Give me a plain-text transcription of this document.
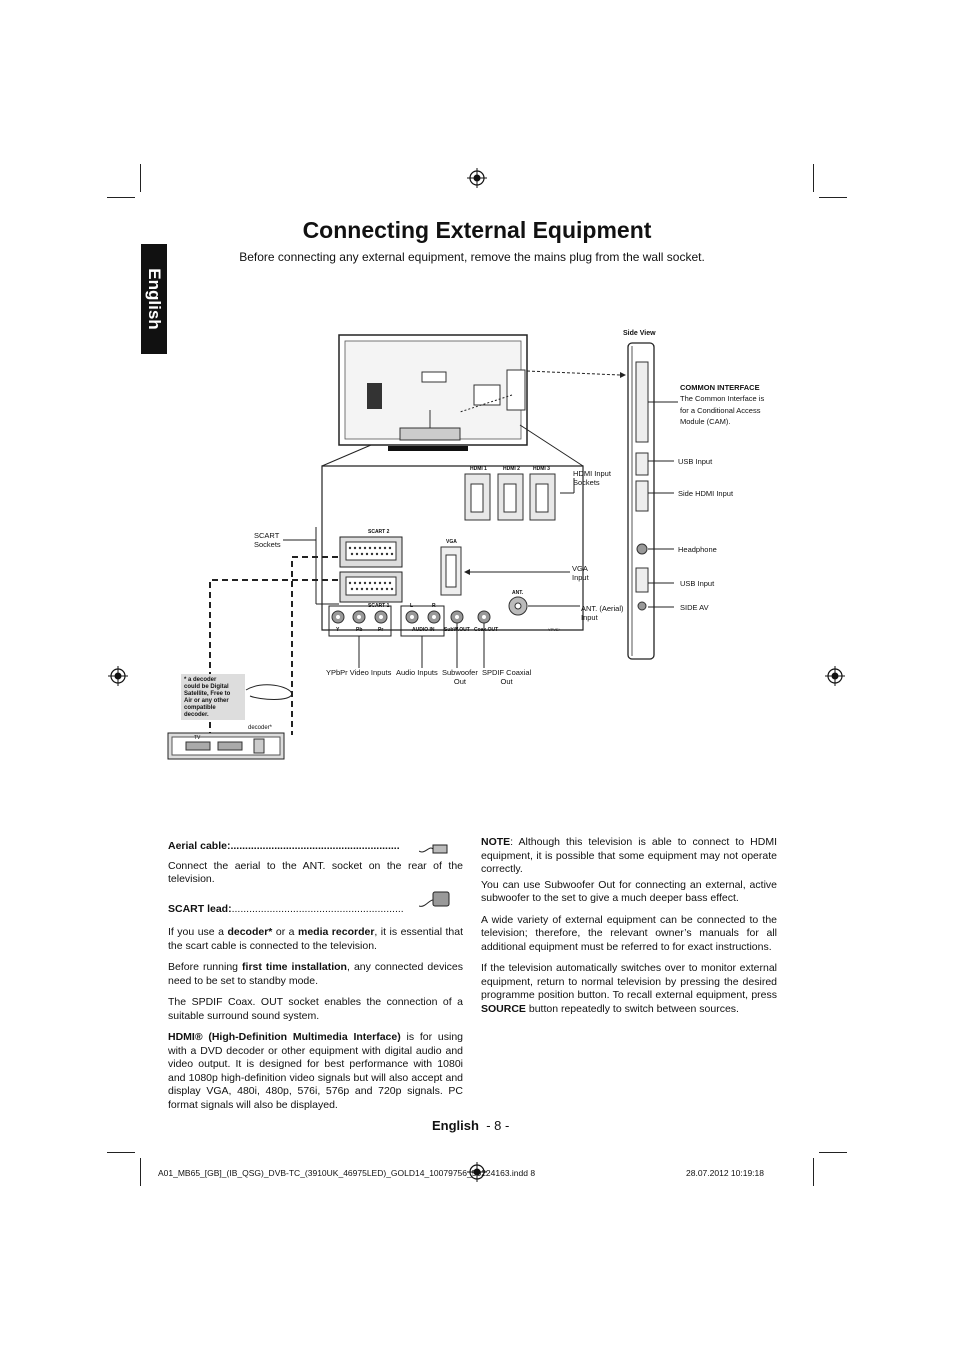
English
Connecting External Equipment
Before connecting any external equipment, remove the mains plug from the wall socket.
Side View
HDMI 1	HDMI 2	HDMI 3
SCART 2
SCART 1
VGA
ANT.
L	R
Y	Pb	Pr	AUDIO IN SubW.OUT Coax.OUT	YPVE+
HDMI Input
Sockets
SCART
Sockets
VGA
Input
ANT. (Aerial)
Input
YPbPr Video Inputs Audio Inputs Subwoofer
Out
SPDIF Coaxial
Out
COMMON INTERFACE
The Common Interface is
for a Conditional Access
Module (CAM).
USB Input
Side HDMI Input
Headphone
USB Input
SIDE AV
* a decoder
could be Digital
Satellite, Free to
Air or any other
compatible
decoder.
decoder*
TV

Aerial cable:..........................................................

Connect the aerial to the ANT. socket on the rear of the television.

SCART lead:...........................................................

If you use a decoder* or a media recorder, it is essential that the scart cable is connected to the television.

Before running first time installation, any connected devices need to be set to standby mode.

The SPDIF Coax. OUT socket enables the connection of a suitable surround sound system.

HDMI® (High-Definition Multimedia Interface) is for using with a DVD decoder or other equipment with digital audio and video output. It is designed for best performance with 1080i and 1080p high-definition video signals but will also accept and display VGA, 480i, 480p, 576i, 576p and 720p signals. PC format signals will also be displayed.

NOTE: Although this television is able to connect to HDMI equipment, it is possible that some equipment may not operate correctly.

You can use Subwoofer Out for connecting an external, active subwoofer to the set to give a much deeper bass effect.

A wide variety of external equipment can be connected to the television; therefore, the relevant owner’s manuals for all additional equipment must be referred to for exact instructions.

If the television automatically switches over to monitor external equipment, return to normal television by pressing the desired programme position button. To recall external equipment, press SOURCE button repeatedly to switch between sources.

English - 8 -
A01_MB65_[GB]_(IB_QSG)_DVB-TC_(3910UK_46975LED)_GOLD14_10079756_50224163.indd 8	28.07.2012 10:19:18
